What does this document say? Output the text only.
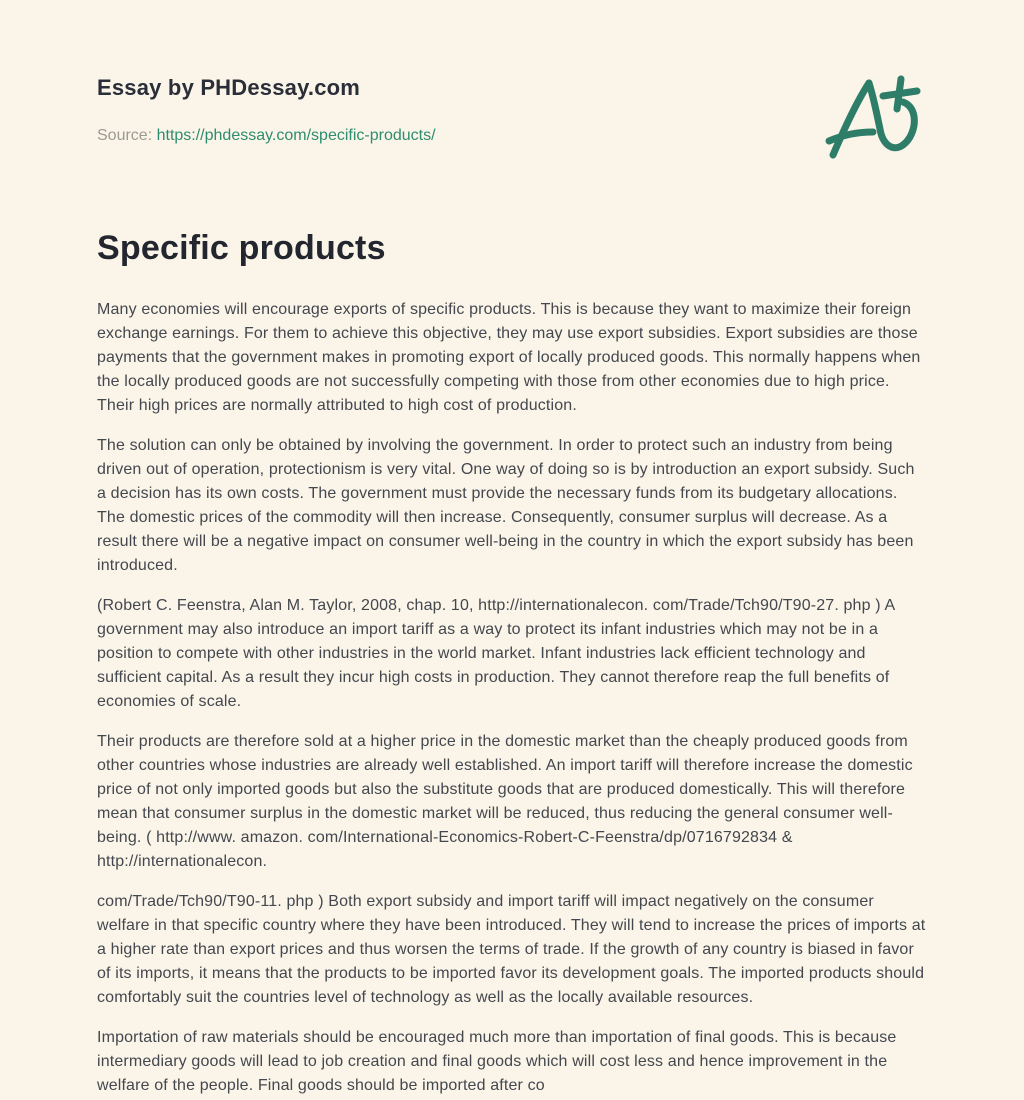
Essay by PHDessay.com
Source: https://phdessay.com/specific-products/
Specific products

Many economies will encourage exports of specific products. This is because they want to maximize their foreign exchange earnings. For them to achieve this objective, they may use export subsidies. Export subsidies are those payments that the government makes in promoting export of locally produced goods. This normally happens when the locally produced goods are not successfully competing with those from other economies due to high price. Their high prices are normally attributed to high cost of production.

The solution can only be obtained by involving the government. In order to protect such an industry from being driven out of operation, protectionism is very vital. One way of doing so is by introduction an export subsidy. Such a decision has its own costs. The government must provide the necessary funds from its budgetary allocations. The domestic prices of the commodity will then increase. Consequently, consumer surplus will decrease. As a result there will be a negative impact on consumer well-being in the country in which the export subsidy has been introduced.

(Robert C. Feenstra, Alan M. Taylor, 2008, chap. 10, http://internationalecon. com/Trade/Tch90/T90-27. php ) A government may also introduce an import tariff as a way to protect its infant industries which may not be in a position to compete with other industries in the world market. Infant industries lack efficient technology and sufficient capital. As a result they incur high costs in production. They cannot therefore reap the full benefits of economies of scale.

Their products are therefore sold at a higher price in the domestic market than the cheaply produced goods from other countries whose industries are already well established. An import tariff will therefore increase the domestic price of not only imported goods but also the substitute goods that are produced domestically. This will therefore mean that consumer surplus in the domestic market will be reduced, thus reducing the general consumer well-being. ( http://www. amazon. com/International-Economics-Robert-C-Feenstra/dp/0716792834 & http://internationalecon.

com/Trade/Tch90/T90-11. php ) Both export subsidy and import tariff will impact negatively on the consumer welfare in that specific country where they have been introduced. They will tend to increase the prices of imports at a higher rate than export prices and thus worsen the terms of trade. If the growth of any country is biased in favor of its imports, it means that the products to be imported favor its development goals. The imported products should comfortably suit the countries level of technology as well as the locally available resources.

Importation of raw materials should be encouraged much more than importation of final goods. This is because intermediary goods will lead to job creation and final goods which will cost less and hence improvement in the welfare of the people. Final goods should be imported after co
